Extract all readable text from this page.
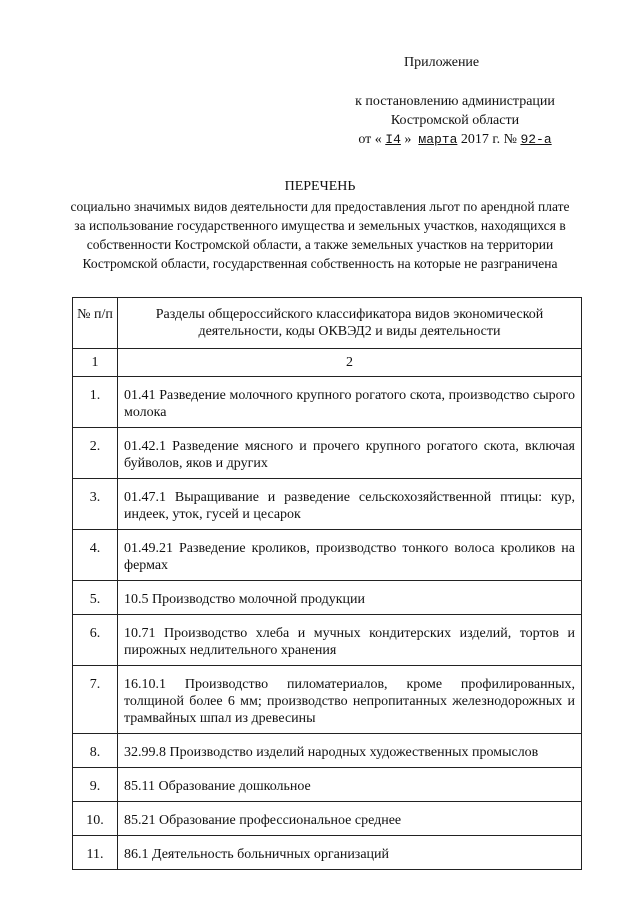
Приложение
к постановлению администрации
Костромской области
от « I4 » марта 2017 г. № 92-а
ПЕРЕЧЕНЬ
социально значимых видов деятельности для предоставления льгот по арендной плате за использование государственного имущества и земельных участков, находящихся в собственности Костромской области, а также земельных участков на территории Костромской области, государственная собственность на которые не разграничена
№ п/п	Разделы общероссийского классификатора видов экономической деятельности, коды ОКВЭД2 и виды деятельности
1	2
1.	01.41 Разведение молочного крупного рогатого скота, производство сырого молока
2.	01.42.1 Разведение мясного и прочего крупного рогатого скота, включая буйволов, яков и других
3.	01.47.1 Выращивание и разведение сельскохозяйственной птицы: кур, индеек, уток, гусей и цесарок
4.	01.49.21 Разведение кроликов, производство тонкого волоса кроликов на фермах
5.	10.5 Производство молочной продукции
6.	10.71 Производство хлеба и мучных кондитерских изделий, тортов и пирожных недлительного хранения
7.	16.10.1 Производство пиломатериалов, кроме профилированных, толщиной более 6 мм; производство непропитанных железнодорожных и трамвайных шпал из древесины
8.	32.99.8 Производство изделий народных художественных промыслов
9.	85.11 Образование дошкольное
10.	85.21 Образование профессиональное среднее
11.	86.1 Деятельность больничных организаций
